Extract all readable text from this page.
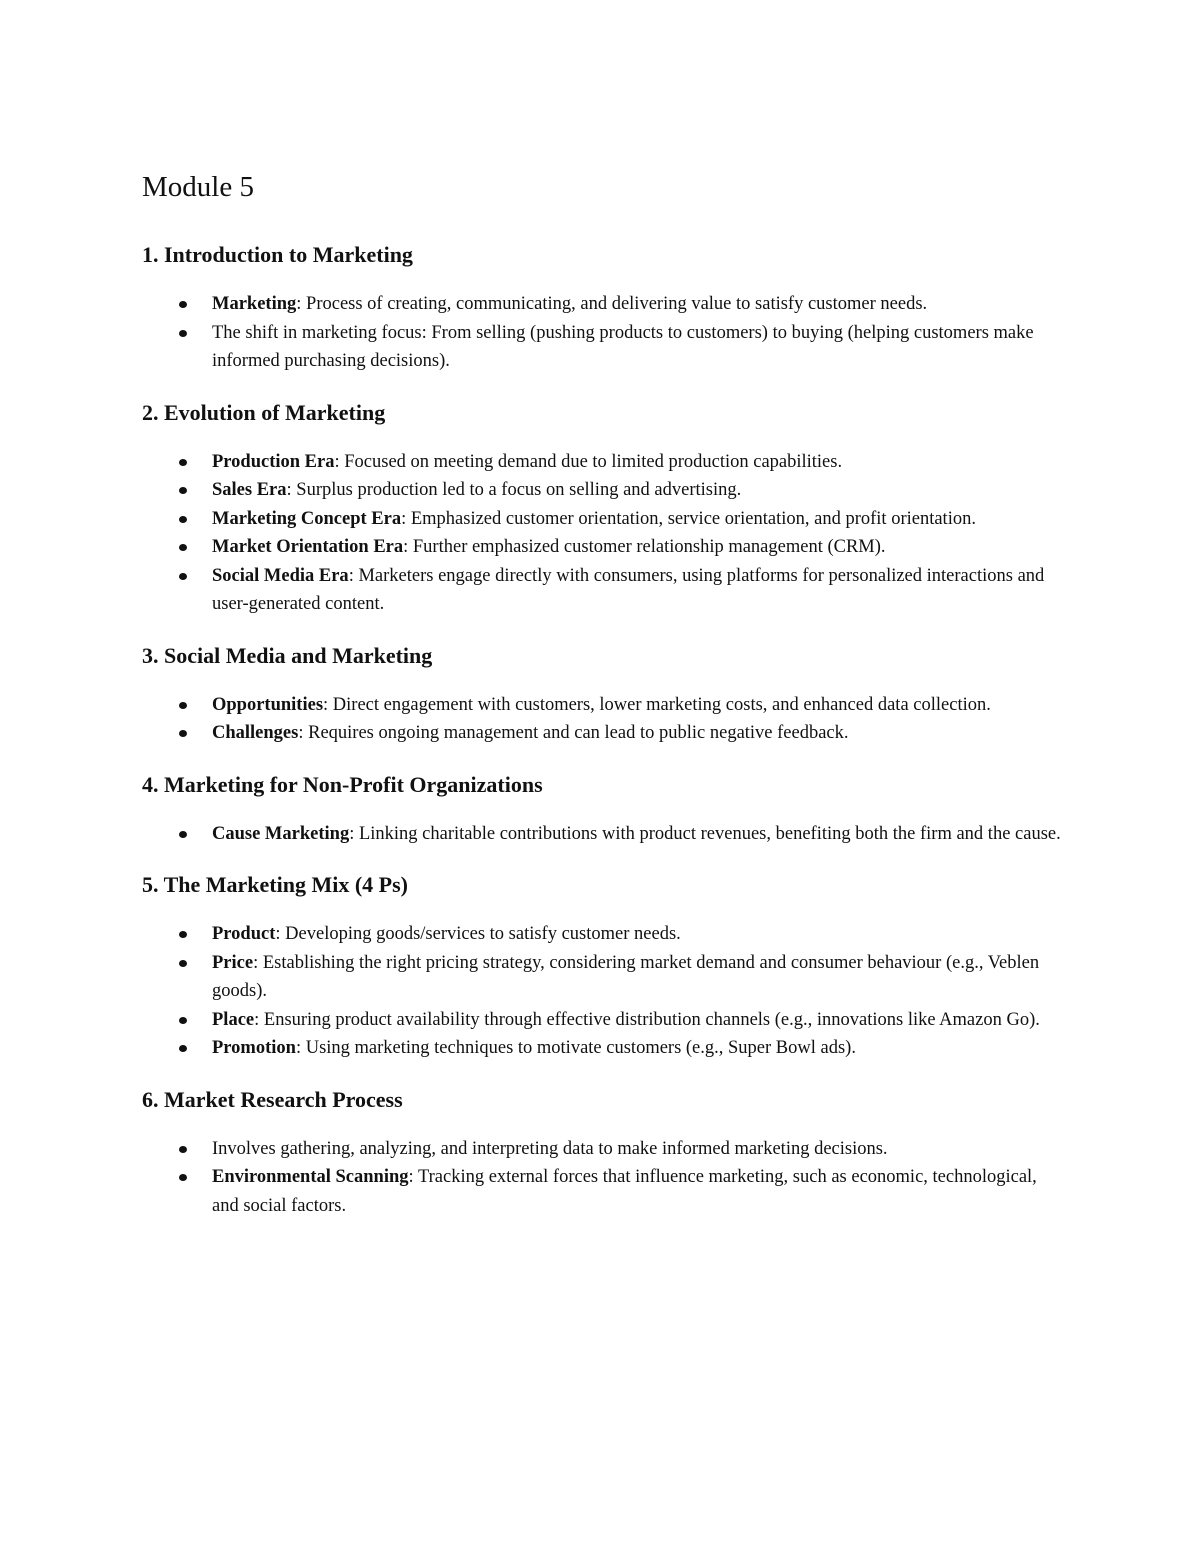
Module 5
1. Introduction to Marketing
Marketing: Process of creating, communicating, and delivering value to satisfy customer needs.
The shift in marketing focus: From selling (pushing products to customers) to buying (helping customers make informed purchasing decisions).
2. Evolution of Marketing
Production Era: Focused on meeting demand due to limited production capabilities.
Sales Era: Surplus production led to a focus on selling and advertising.
Marketing Concept Era: Emphasized customer orientation, service orientation, and profit orientation.
Market Orientation Era: Further emphasized customer relationship management (CRM).
Social Media Era: Marketers engage directly with consumers, using platforms for personalized interactions and user-generated content.
3. Social Media and Marketing
Opportunities: Direct engagement with customers, lower marketing costs, and enhanced data collection.
Challenges: Requires ongoing management and can lead to public negative feedback.
4. Marketing for Non-Profit Organizations
Cause Marketing: Linking charitable contributions with product revenues, benefiting both the firm and the cause.
5. The Marketing Mix (4 Ps)
Product: Developing goods/services to satisfy customer needs.
Price: Establishing the right pricing strategy, considering market demand and consumer behaviour (e.g., Veblen goods).
Place: Ensuring product availability through effective distribution channels (e.g., innovations like Amazon Go).
Promotion: Using marketing techniques to motivate customers (e.g., Super Bowl ads).
6. Market Research Process
Involves gathering, analyzing, and interpreting data to make informed marketing decisions.
Environmental Scanning: Tracking external forces that influence marketing, such as economic, technological, and social factors.
